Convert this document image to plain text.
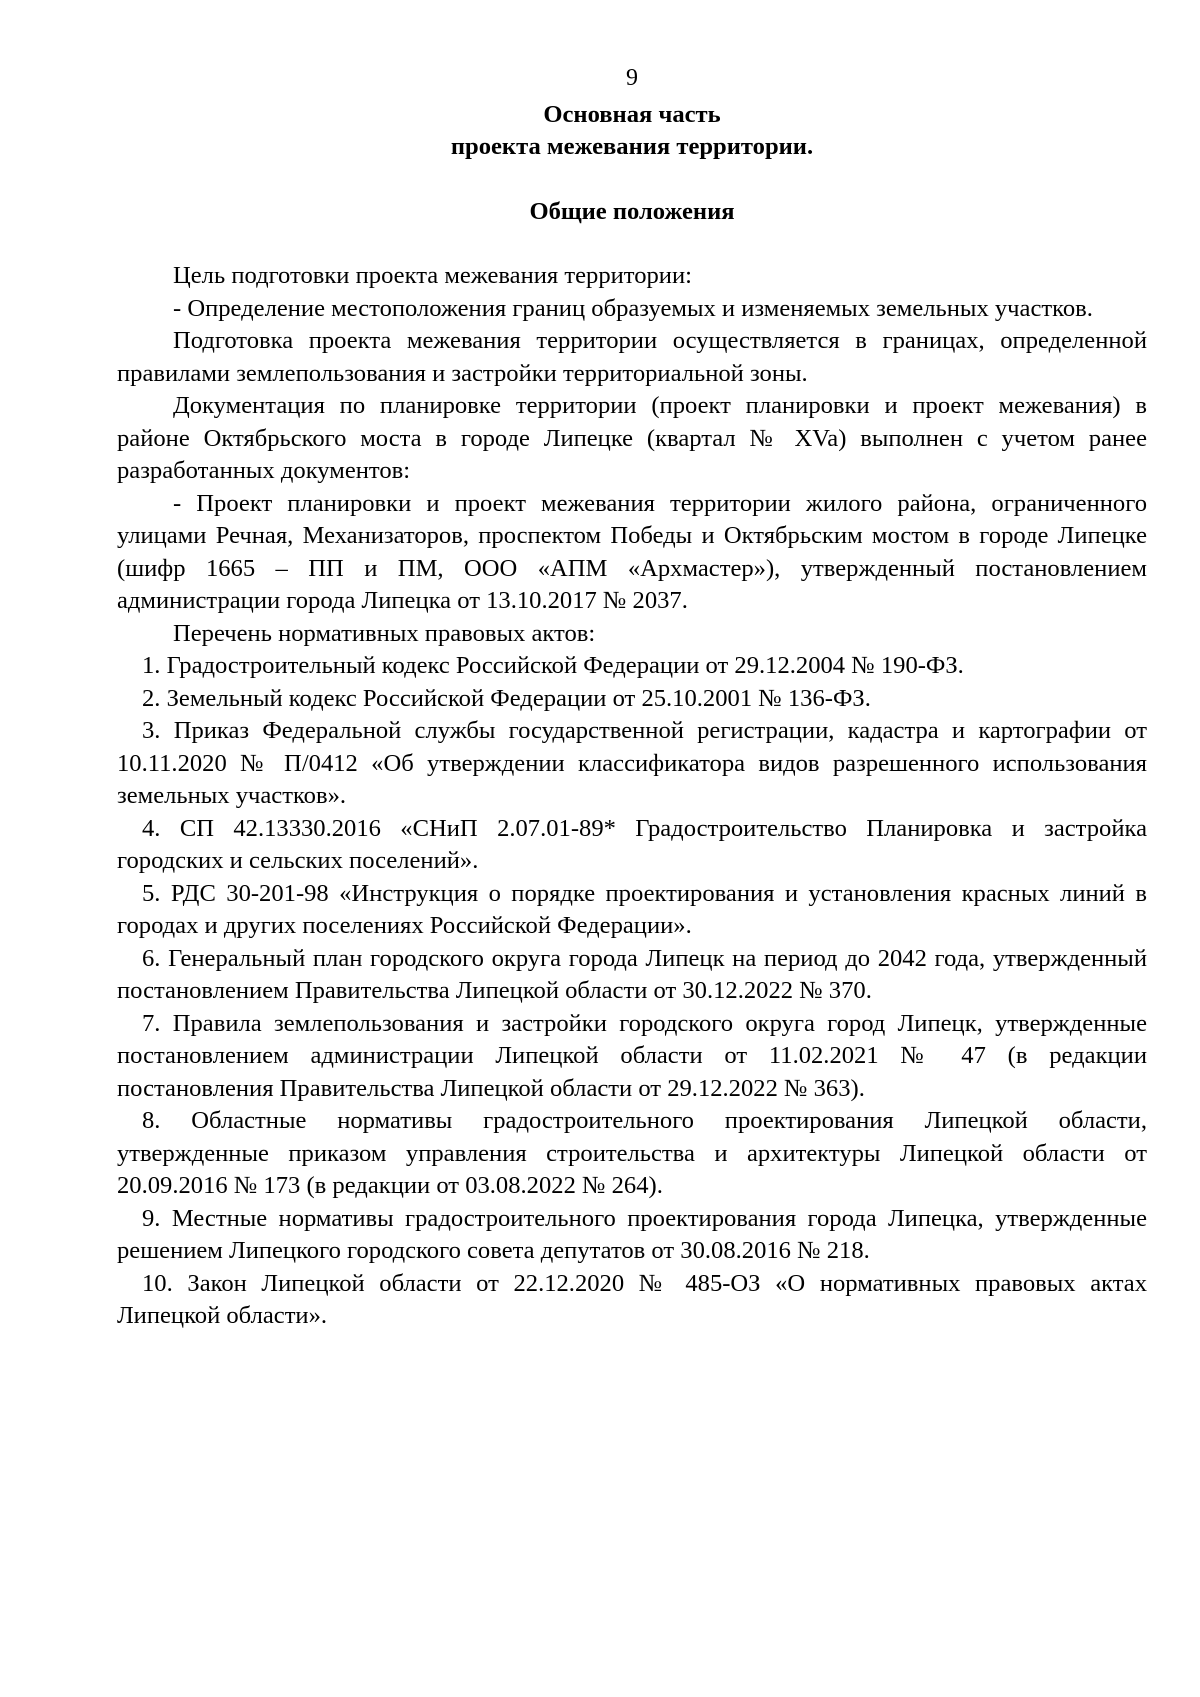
9
Основная часть
проекта межевания территории.
Общие положения

Цель подготовки проекта межевания территории:

- Определение местоположения границ образуемых и изменяемых земельных участков.

Подготовка проекта межевания территории осуществляется в границах, определенной правилами землепользования и застройки территориальной зоны.

Документация по планировке территории (проект планировки и проект межевания) в районе Октябрьского моста в городе Липецке (квартал № XVa) выполнен с учетом ранее разработанных документов:

- Проект планировки и проект межевания территории жилого района, ограниченного улицами Речная, Механизаторов, проспектом Победы и Октябрьским мостом в городе Липецке (шифр 1665 – ПП и ПМ, ООО «АПМ «Архмастер»), утвержденный постановлением администрации города Липецка от 13.10.2017 № 2037.

Перечень нормативных правовых актов:

1. Градостроительный кодекс Российской Федерации от 29.12.2004 № 190-ФЗ.

2. Земельный кодекс Российской Федерации от 25.10.2001 № 136-ФЗ.

3. Приказ Федеральной службы государственной регистрации, кадастра и картографии от 10.11.2020 № П/0412 «Об утверждении классификатора видов разрешенного использования земельных участков».

4. СП 42.13330.2016 «СНиП 2.07.01-89* Градостроительство Планировка и застройка городских и сельских поселений».

5. РДС 30-201-98 «Инструкция о порядке проектирования и установления красных линий в городах и других поселениях Российской Федерации».

6. Генеральный план городского округа города Липецк на период до 2042 года, утвержденный постановлением Правительства Липецкой области от 30.12.2022 № 370.

7. Правила землепользования и застройки городского округа город Липецк, утвержденные постановлением администрации Липецкой области от 11.02.2021 № 47 (в редакции постановления Правительства Липецкой области от 29.12.2022 № 363).

8. Областные нормативы градостроительного проектирования Липецкой области, утвержденные приказом управления строительства и архитектуры Липецкой области от 20.09.2016 № 173 (в редакции от 03.08.2022 № 264).

9. Местные нормативы градостроительного проектирования города Липецка, утвержденные решением Липецкого городского совета депутатов от 30.08.2016 № 218.

10. Закон Липецкой области от 22.12.2020 № 485-ОЗ «О нормативных правовых актах Липецкой области».
